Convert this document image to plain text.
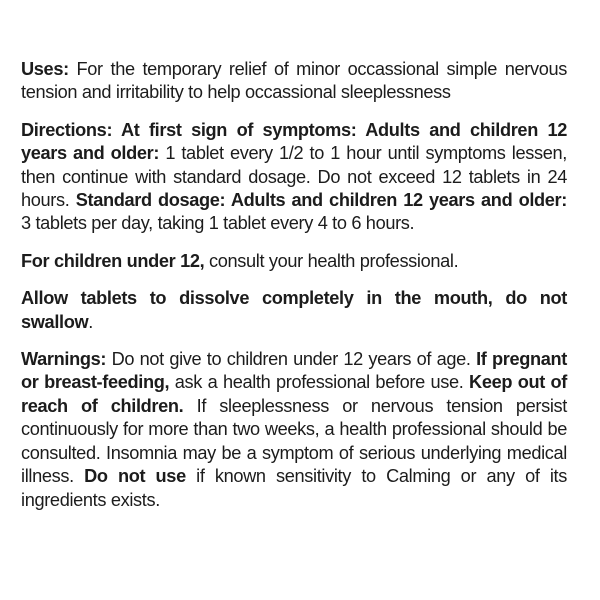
Uses: For the temporary relief of minor occassional simple nervous tension and irritability to help occassional sleeplessness

Directions: At first sign of symptoms: Adults and children 12 years and older: 1 tablet every 1/2 to 1 hour until symptoms lessen, then continue with standard dosage. Do not exceed 12 tablets in 24 hours. Standard dosage: Adults and children 12 years and older: 3 tablets per day, taking 1 tablet every 4 to 6 hours.

For children under 12, consult your health professional.

Allow tablets to dissolve completely in the mouth, do not swallow.

Warnings: Do not give to children under 12 years of age. If pregnant or breast-feeding, ask a health professional before use. Keep out of reach of children. If sleeplessness or nervous tension persist continuously for more than two weeks, a health professional should be consulted. Insomnia may be a symptom of serious underlying medical illness. Do not use if known sensitivity to Calming or any of its ingredients exists.
